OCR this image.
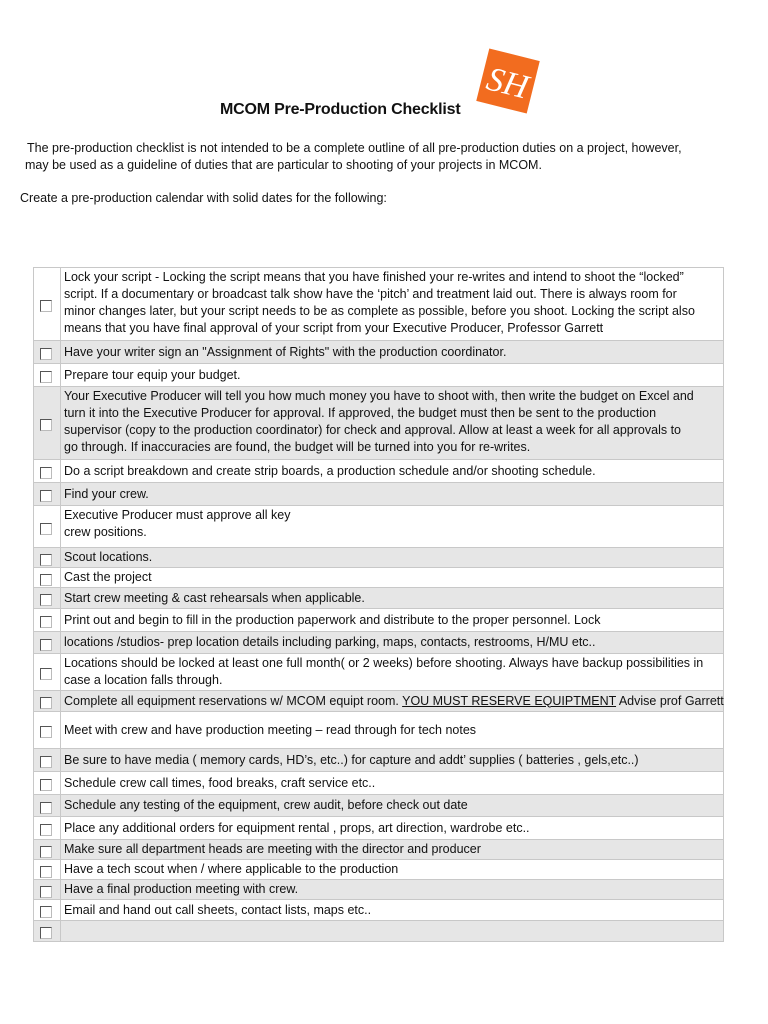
SH
MCOM Pre-Production Checklist
The pre-production checklist is not intended to be a complete outline of all pre-production duties on a project, however,
may be used as a guideline of duties that are particular to shooting of your projects in MCOM.
Create a pre-production calendar with solid dates for the following:

	Lock your script - Locking the script means that you have finished your re-writes and intend to shoot the “locked”
script. If a documentary or broadcast talk show have the ‘pitch’ and treatment laid out. There is always room for
minor changes later, but your script needs to be as complete as possible, before you shoot. Locking the script also
means that you have final approval of your script from your Executive Producer, Professor Garrett

	Have your writer sign an "Assignment of Rights" with the production coordinator.

	Prepare tour equip your budget.

	Your Executive Producer will tell you how much money you have to shoot with, then write the budget on Excel and
turn it into the Executive Producer for approval. If approved, the budget must then be sent to the production
supervisor (copy to the production coordinator) for check and approval. Allow at least a week for all approvals to
go through. If inaccuracies are found, the budget will be turned into you for re-writes.

	Do a script breakdown and create strip boards, a production schedule and/or shooting schedule.

	Find your crew.

	Executive Producer must approve all key
crew positions.

	Scout locations.

	Cast the project

	Start crew meeting & cast rehearsals when applicable.

	Print out and begin to fill in the production paperwork and distribute to the proper personnel. Lock

	locations /studios- prep location details including parking, maps, contacts, restrooms, H/MU etc..

	Locations should be locked at least one full month( or 2 weeks) before shooting. Always have backup possibilities in
case a location falls through.

	Complete all equipment reservations w/ MCOM equipt room. YOU MUST RESERVE EQUIPTMENT Advise prof Garrett

	Meet with crew and have production meeting – read through for tech notes

	Be sure to have media ( memory cards, HD’s, etc..) for capture and addt’ supplies ( batteries , gels,etc..)

	Schedule crew call times, food breaks, craft service etc..

	Schedule any testing of the equipment, crew audit, before check out date

	Place any additional orders for equipment rental , props, art direction, wardrobe etc..

	Make sure all department heads are meeting with the director and producer

	Have a tech scout when / where applicable to the production

	Have a final production meeting with crew.

	Email and hand out call sheets, contact lists, maps etc..
